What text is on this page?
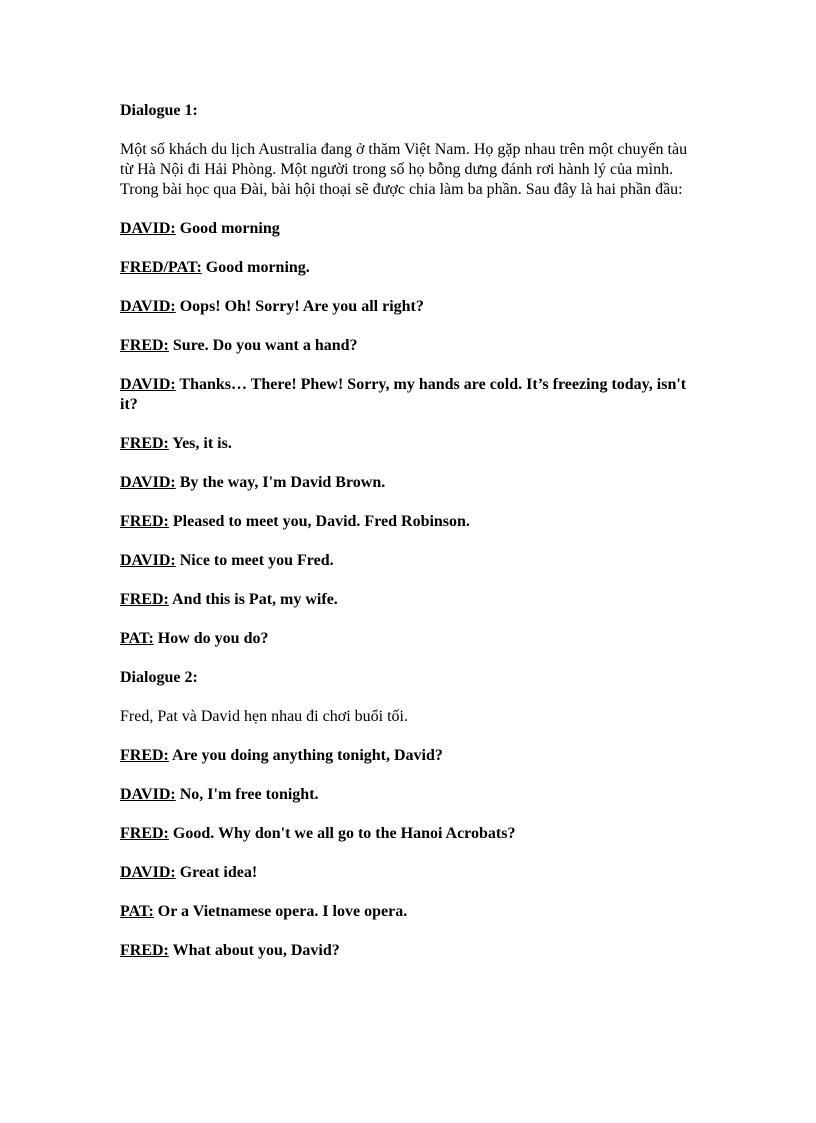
Dialogue 1:

Một số khách du lịch Australia đang ở thăm Việt Nam. Họ gặp nhau trên một chuyến tàu từ Hà Nội đi Hải Phòng. Một người trong số họ bỗng dưng đánh rơi hành lý của mình. Trong bài học qua Đài, bài hội thoại sẽ được chia làm ba phần. Sau đây là hai phần đầu:

DAVID: Good morning

FRED/PAT: Good morning.

DAVID: Oops! Oh! Sorry! Are you all right?

FRED: Sure. Do you want a hand?

DAVID: Thanks… There! Phew! Sorry, my hands are cold. It’s freezing today, isn't it?

FRED: Yes, it is.

DAVID: By the way, I'm David Brown.

FRED: Pleased to meet you, David. Fred Robinson.

DAVID: Nice to meet you Fred.

FRED: And this is Pat, my wife.

PAT: How do you do?

Dialogue 2:

Fred, Pat và David hẹn nhau đi chơi buổi tối.

FRED: Are you doing anything tonight, David?

DAVID: No, I'm free tonight.

FRED: Good. Why don't we all go to the Hanoi Acrobats?

DAVID: Great idea!

PAT: Or a Vietnamese opera. I love opera.

FRED: What about you, David?
